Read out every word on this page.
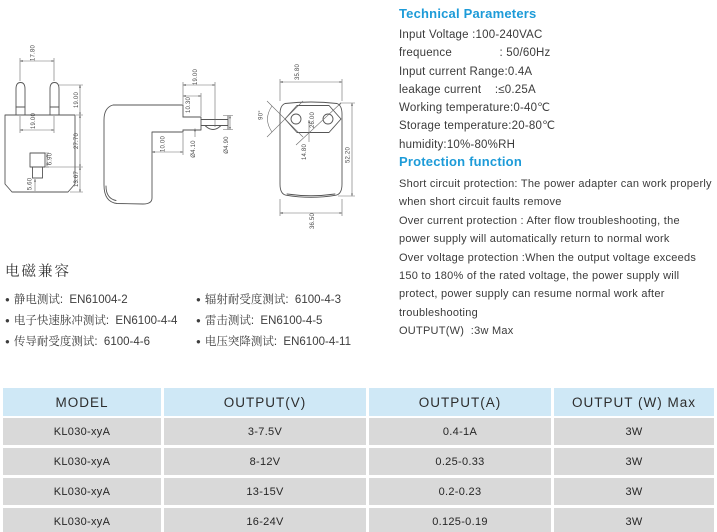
17.80
19.00
19.00
27.70
13.67
6.90
5.60
19.00
10.30
Ø4.10
10.00	Ø4.90
35.80
26.00
14.80	52.20
36.50
90°
Technical Parameters
Input Voltage :100-240VAC
frequence              : 50/60Hz
Input current Range:0.4A
leakage current    :≤0.25A
Working temperature:0-40℃
Storage temperature:20-80℃
humidity:10%-80%RH
Protection function
Short circuit protection: The power adapter can work properly
when short circuit faults remove
Over current protection : After flow troubleshooting, the
power supply will automatically return to normal work
Over voltage protection :When the output voltage exceeds
150 to 180% of the rated voltage, the power supply will
protect, power supply can resume normal work after
troubleshooting
OUTPUT(W)  :3w Max
电磁兼容
● 静电测试:  EN61004-2
● 电子快速脉冲测试:  EN6100-4-4
● 传导耐受度测试:  6100-4-6
● 辐射耐受度测试:  6100-4-3
● 雷击测试:  EN6100-4-5
● 电压突降测试:  EN6100-4-11
MODEL	OUTPUT(V)	OUTPUT(A)	OUTPUT (W) Max
KL030-xyA	3-7.5V	0.4-1A	3W
KL030-xyA	8-12V	0.25-0.33	3W
KL030-xyA	13-15V	0.2-0.23	3W
KL030-xyA	16-24V	0.125-0.19	3W
